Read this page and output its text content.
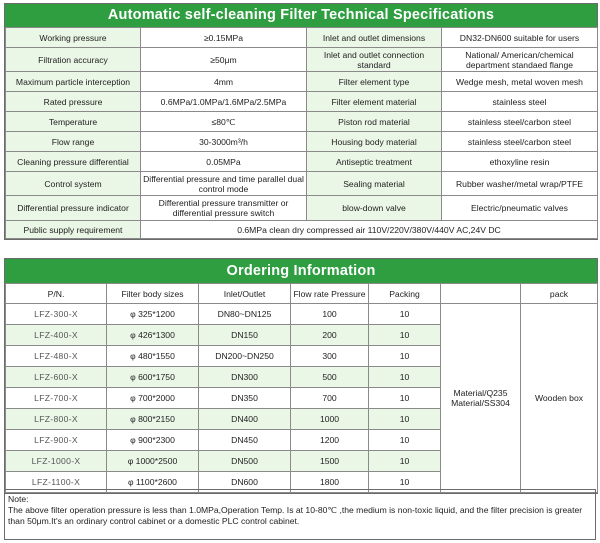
Automatic self-cleaning Filter Technical Specifications
Working pressure	≥0.15MPa	Inlet and outlet dimensions	DN32-DN600 suitable for users
Filtration accuracy	≥50μm	Inlet and outlet connection standard	National/ American/chemical department standaed flange
Maximum particle interception	4mm	Filter element type	Wedge mesh, metal woven mesh
Rated pressure	0.6MPa/1.0MPa/1.6MPa/2.5MPa	Filter element material	stainless steel
Temperature	≤80℃	Piston rod material	stainless steel/carbon steel
Flow range	30-3000m³/h	Housing body material	stainless steel/carbon steel
Cleaning pressure differential	0.05MPa	Antiseptic treatment	ethoxyline resin
Control system	Differential pressure and time parallel dual control mode	Sealing material	Rubber washer/metal wrap/PTFE
Differential pressure indicator	Differential pressure transmitter or differential pressure switch	blow-down valve	Electric/pneumatic valves
Public supply requirement	0.6MPa clean dry compressed air 110V/220V/380V/440V AC,24V DC		
Ordering Information
P/N.	Filter body sizes	Inlet/Outlet	Flow rate Pressure	Packing		pack
LFZ-300-X	φ 325*1200	DN80~DN125	100	10	Material/Q235 Material/SS304	Wooden box
LFZ-400-X	φ 426*1300	DN150	200	10		
LFZ-480-X	φ 480*1550	DN200~DN250	300	10		
LFZ-600-X	φ 600*1750	DN300	500	10		
LFZ-700-X	φ 700*2000	DN350	700	10		
LFZ-800-X	φ 800*2150	DN400	1000	10		
LFZ-900-X	φ 900*2300	DN450	1200	10		
LFZ-1000-X	φ 1000*2500	DN500	1500	10		
LFZ-1100-X	φ 1100*2600	DN600	1800	10		
Note:
The above filter operation pressure is less than 1.0MPa,Operation Temp. Is at 10-80℃ ,the medium is non-toxic liquid, and the filter precision is greater than 50μm.It's an ordinary control cabinet or a domestic PLC control cabinet.
